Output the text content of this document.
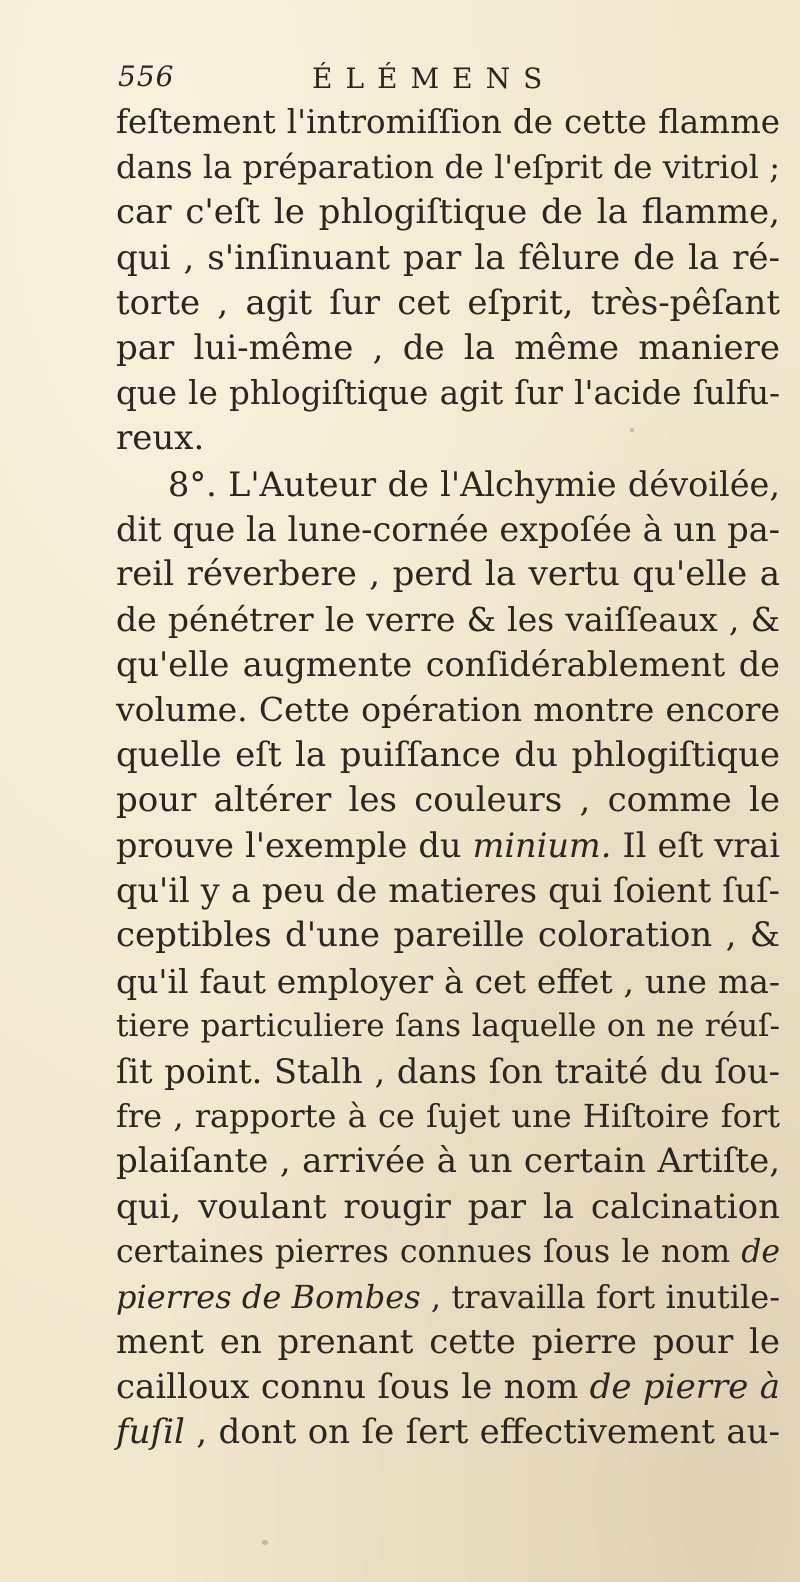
556	ÉLÉMENS
feſtement l'intromiſſion de cette flamme
dans la préparation de l'eſprit de vitriol ;
car c'eſt le phlogiſtique de la flamme,
qui , s'inſinuant par la fêlure de la ré-
torte , agit ſur cet eſprit, très-pêſant
par lui-même , de la même maniere
que le phlogiſtique agit ſur l'acide ſulfu-
reux.
8°. L'Auteur de l'Alchymie dévoilée,
dit que la lune-cornée expoſée à un pa-
reil réverbere , perd la vertu qu'elle a
de pénétrer le verre & les vaiſſeaux , &
qu'elle augmente conſidérablement de
volume. Cette opération montre encore
quelle eſt la puiſſance du phlogiſtique
pour altérer les couleurs , comme le
prouve l'exemple du minium. Il eſt vrai
qu'il y a peu de matieres qui ſoient ſuſ-
ceptibles d'une pareille coloration , &
qu'il faut employer à cet effet , une ma-
tiere particuliere ſans laquelle on ne réuſ-
ſit point. Stalh , dans ſon traité du ſou-
fre , rapporte à ce ſujet une Hiſtoire fort
plaiſante , arrivée à un certain Artiſte,
qui, voulant rougir par la calcination
certaines pierres connues ſous le nom de
pierres de Bombes , travailla fort inutile-
ment en prenant cette pierre pour le
cailloux connu ſous le nom de pierre à
fuſil , dont on ſe ſert effectivement au-
